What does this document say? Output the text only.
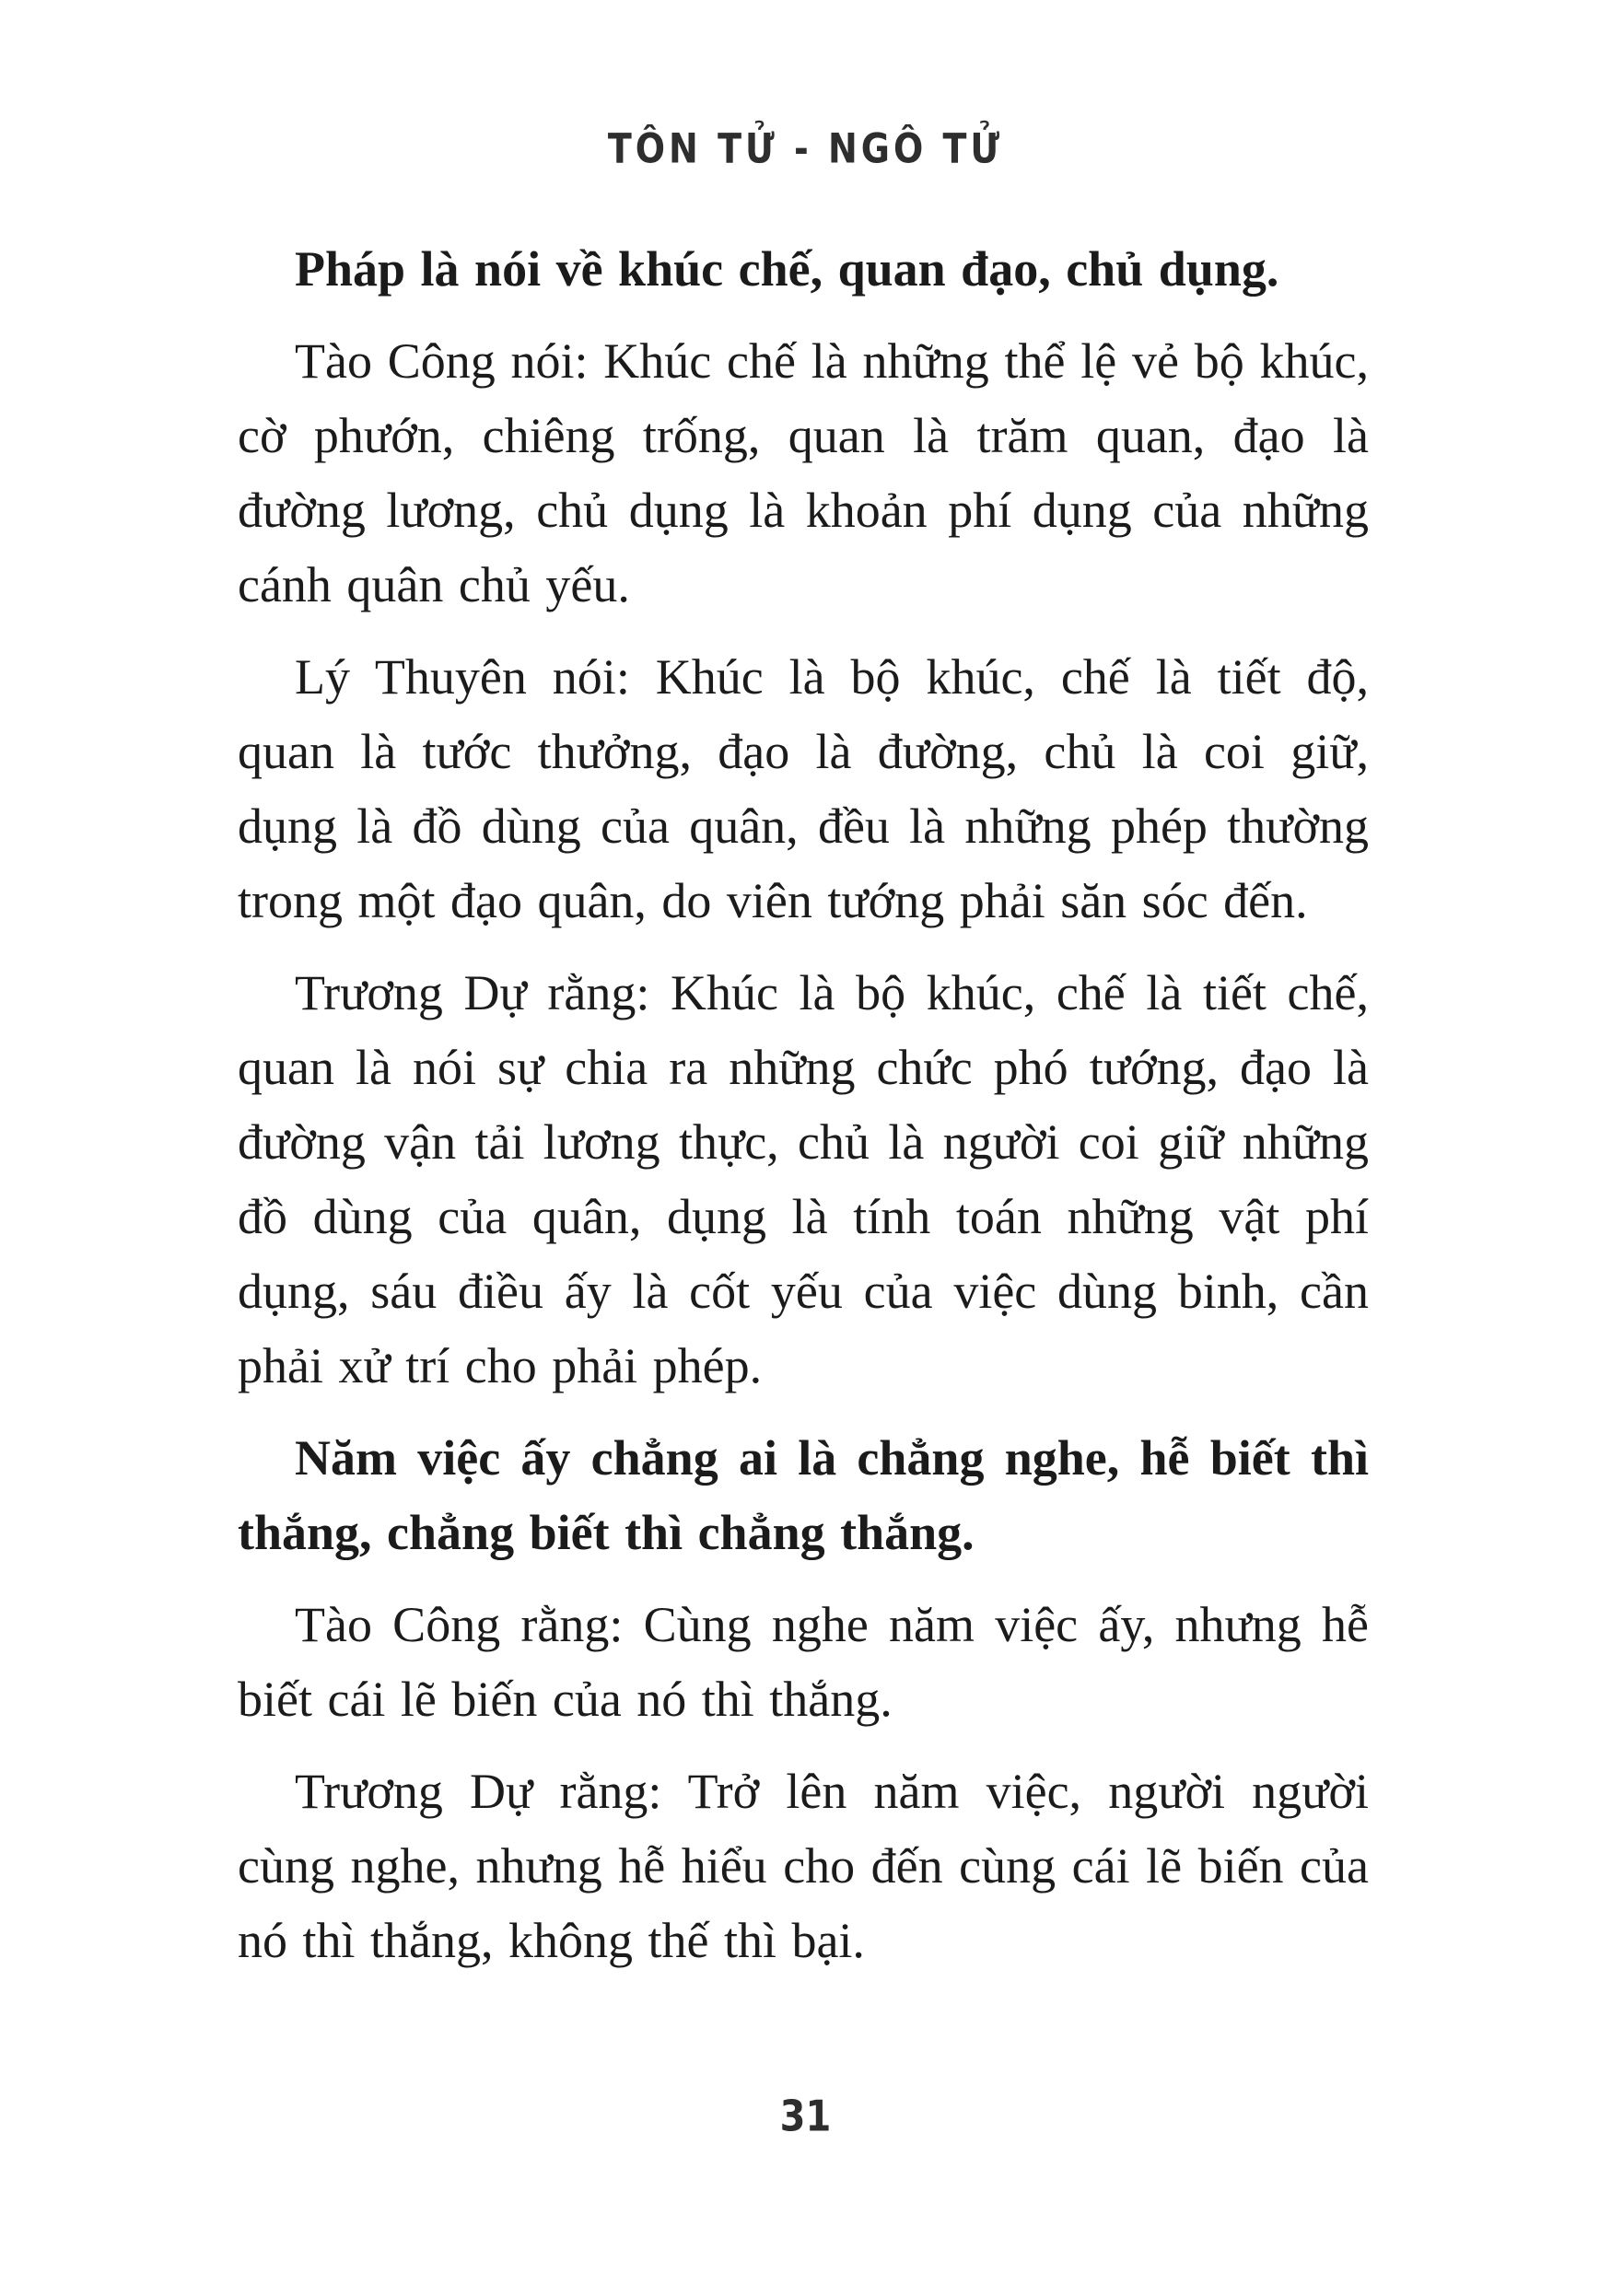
TÔN TỬ - NGÔ TỬ

Pháp là nói về khúc chế, quan đạo, chủ dụng.

Tào Công nói: Khúc chế là những thể lệ vẻ bộ khúc, cờ phướn, chiêng trống, quan là trăm quan, đạo là đường lương, chủ dụng là khoản phí dụng của những cánh quân chủ yếu.

Lý Thuyên nói: Khúc là bộ khúc, chế là tiết độ, quan là tước thưởng, đạo là đường, chủ là coi giữ, dụng là đồ dùng của quân, đều là những phép thường trong một đạo quân, do viên tướng phải săn sóc đến.

Trương Dự rằng: Khúc là bộ khúc, chế là tiết chế, quan là nói sự chia ra những chức phó tướng, đạo là đường vận tải lương thực, chủ là người coi giữ những đồ dùng của quân, dụng là tính toán những vật phí dụng, sáu điều ấy là cốt yếu của việc dùng binh, cần phải xử trí cho phải phép.

Năm việc ấy chẳng ai là chẳng nghe, hễ biết thì thắng, chẳng biết thì chẳng thắng.

Tào Công rằng: Cùng nghe năm việc ấy, nhưng hễ biết cái lẽ biến của nó thì thắng.

Trương Dự rằng: Trở lên năm việc, người người cùng nghe, nhưng hễ hiểu cho đến cùng cái lẽ biến của nó thì thắng, không thế thì bại.

31
